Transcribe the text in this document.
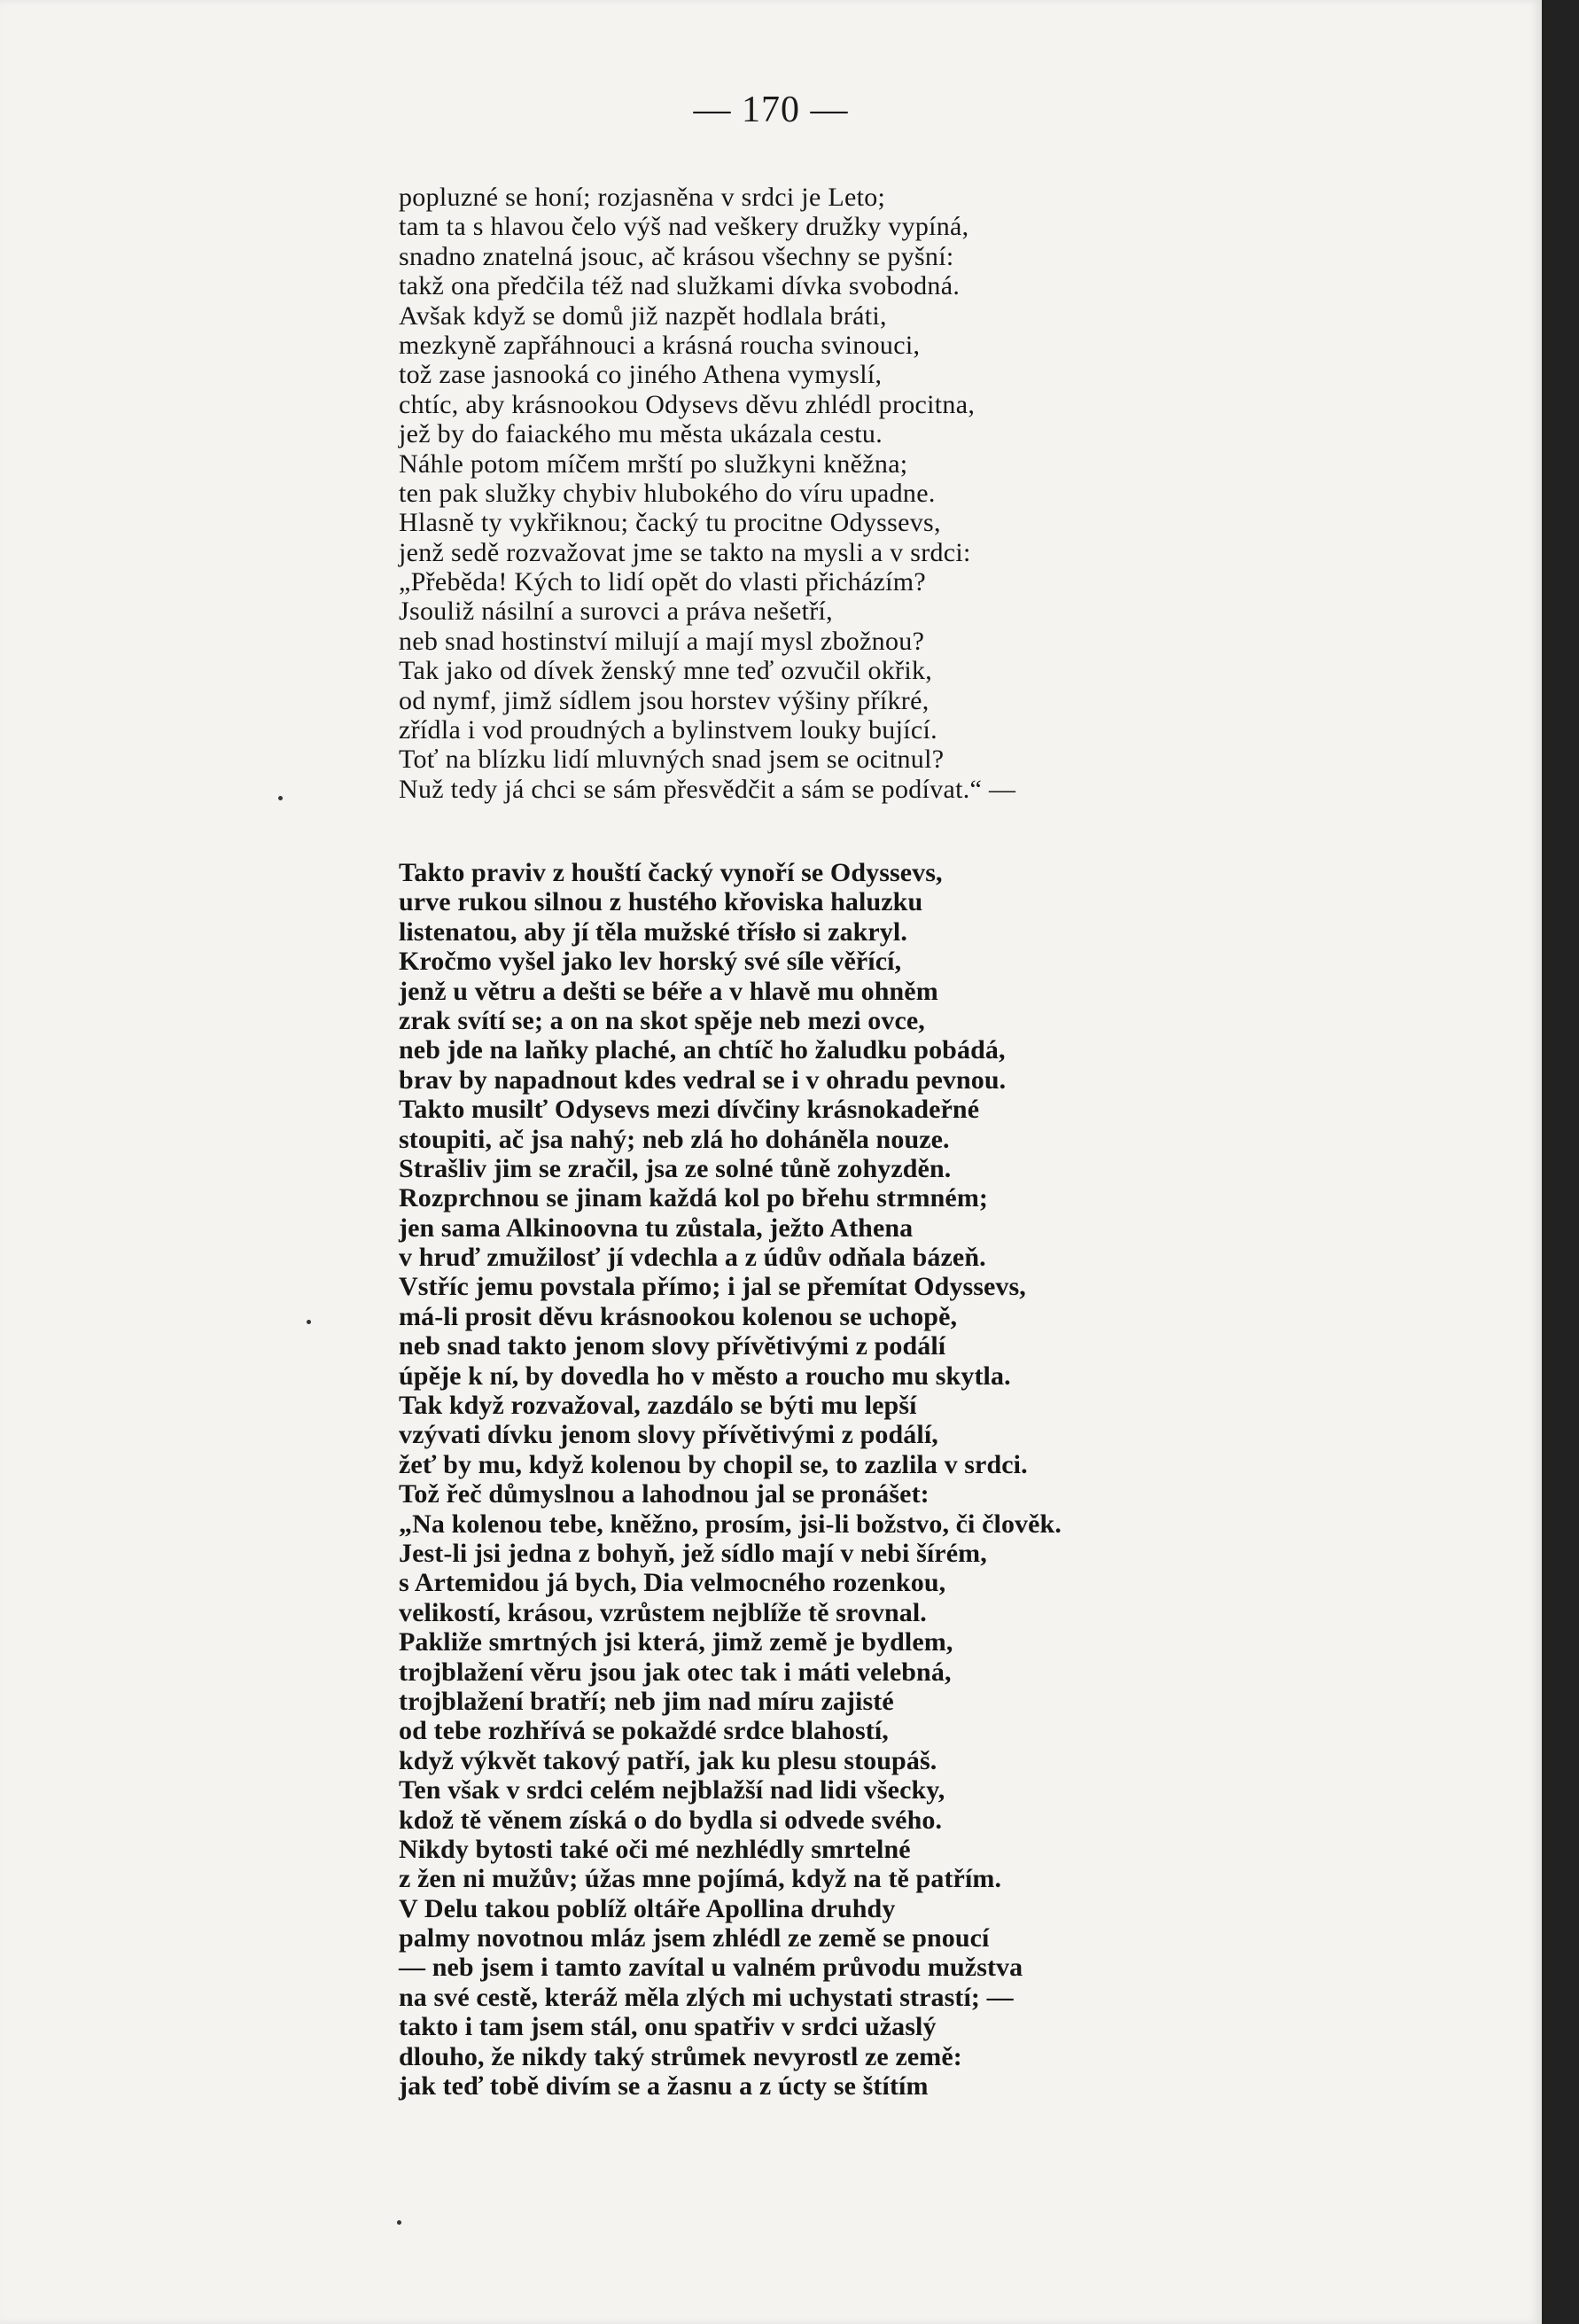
— 170 —
popluzné se honí; rozjasněna v srdci je Leto;
tam ta s hlavou čelo výš nad veškery družky vypíná,
snadno znatelná jsouc, ač krásou všechny se pyšní:
takž ona předčila též nad služkami dívka svobodná.
Avšak když se domů již nazpět hodlala bráti,
mezkyně zapřáhnouci a krásná roucha svinouci,
tož zase jasnooká co jiného Athena vymyslí,
chtíc, aby krásnookou Odysevs děvu zhlédl procitna,
jež by do faiackého mu města ukázala cestu.
Náhle potom míčem mrští po služkyni kněžna;
ten pak služky chybiv hlubokého do víru upadne.
Hlasně ty vykřiknou; čacký tu procitne Odyssevs,
jenž sedě rozvažovat jme se takto na mysli a v srdci:
„Přeběda! Kých to lidí opět do vlasti přicházím?
Jsouliž násilní a surovci a práva nešetří,
neb snad hostinství milují a mají mysl zbožnou?
Tak jako od dívek ženský mne teď ozvučil okřik,
od nymf, jimž sídlem jsou horstev výšiny příkré,
zřídla i vod proudných a bylinstvem louky bující.
Toť na blízku lidí mluvných snad jsem se ocitnul?
Nuž tedy já chci se sám přesvědčit a sám se podívat.“ —
Takto praviv z houští čacký vynoří se Odyssevs,
urve rukou silnou z hustého křoviska haluzku
listenatou, aby jí těla mužské třísło si zakryl.
Kročmo vyšel jako lev horský své síle věřící,
jenž u větru a dešti se béře a v hlavě mu ohněm
zrak svítí se; a on na skot spěje neb mezi ovce,
neb jde na laňky plaché, an chtíč ho žaludku pobádá,
brav by napadnout kdes vedral se i v ohradu pevnou.
Takto musilť Odysevs mezi dívčiny krásnokadeřné
stoupiti, ač jsa nahý; neb zlá ho doháněla nouze.
Strašliv jim se zračil, jsa ze solné tůně zohyzděn.
Rozprchnou se jinam každá kol po břehu strmném;
jen sama Alkinoovna tu zůstala, ježto Athena
v hruď zmužilosť jí vdechla a z údův odňala bázeň.
Vstříc jemu povstala přímo; i jal se přemítat Odyssevs,
má-li prosit děvu krásnookou kolenou se uchopě,
neb snad takto jenom slovy přívětivými z podálí
úpěje k ní, by dovedla ho v město a roucho mu skytla.
Tak když rozvažoval, zazdálo se býti mu lepší
vzývati dívku jenom slovy přívětivými z podálí,
žeť by mu, když kolenou by chopil se, to zazlila v srdci.
Tož řeč důmyslnou a lahodnou jal se pronášet:
„Na kolenou tebe, kněžno, prosím, jsi-li božstvo, či člověk.
Jest-li jsi jedna z bohyň, jež sídlo mají v nebi šírém,
s Artemidou já bych, Dia velmocného rozenkou,
velikostí, krásou, vzrůstem nejblíže tě srovnal.
Pakliže smrtných jsi která, jimž země je bydlem,
trojblažení věru jsou jak otec tak i máti velebná,
trojblažení bratří; neb jim nad míru zajisté
od tebe rozhřívá se pokaždé srdce blahostí,
když výkvět takový patří, jak ku plesu stoupáš.
Ten však v srdci celém nejblažší nad lidi všecky,
kdož tě věnem získá o do bydla si odvede svého.
Nikdy bytosti také oči mé nezhlédly smrtelné
z žen ni mužův; úžas mne pojímá, když na tě patřím.
V Delu takou poblíž oltáře Apollina druhdy
palmy novotnou mláz jsem zhlédl ze země se pnoucí
— neb jsem i tamto zavítal u valném průvodu mužstva
na své cestě, kteráž měla zlých mi uchystati strastí; —
takto i tam jsem stál, onu spatřiv v srdci užaslý
dlouho, že nikdy taký strůmek nevyrostl ze země:
jak teď tobě divím se a žasnu a z úcty se štítím
